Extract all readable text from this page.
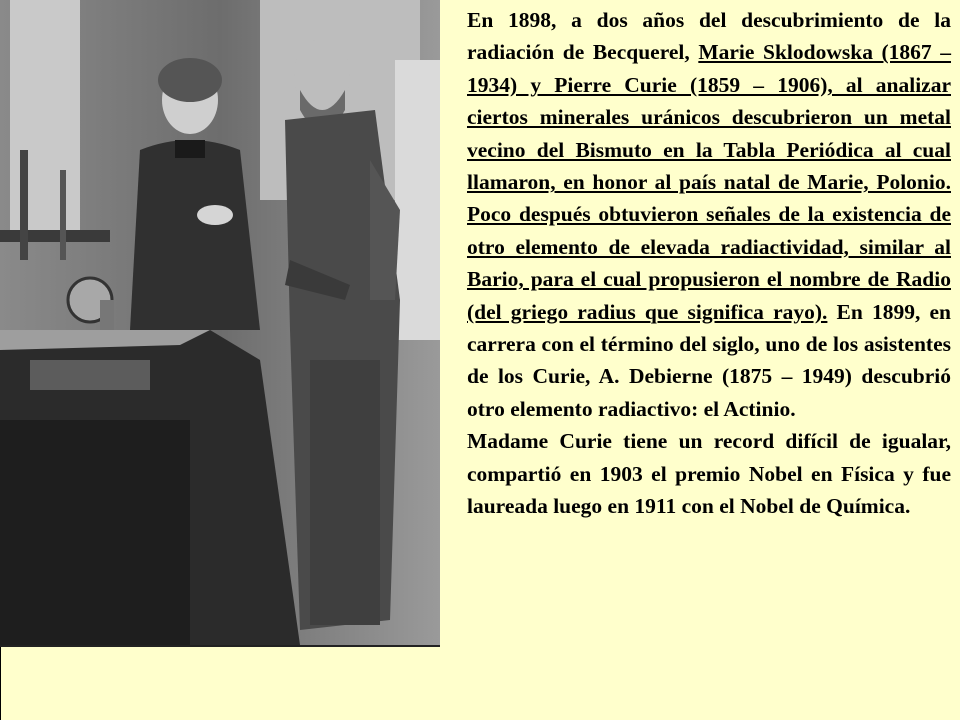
En 1898, a dos años del descubrimiento de la radiación de Becquerel, Marie Sklodowska (1867 – 1934) y Pierre Curie (1859 – 1906), al analizar ciertos minerales uránicos descubrieron un metal vecino del Bismuto en la Tabla Periódica al cual llamaron, en honor al país natal de Marie, Polonio. Poco después obtuvieron señales de la existencia de otro elemento de elevada radiactividad, similar al Bario, para el cual propusieron el nombre de Radio (del griego radius que significa rayo). En 1899, en carrera con el término del siglo, uno de los asistentes de los Curie, A. Debierne (1875 – 1949) descubrió otro elemento radiactivo: el Actinio.

Madame Curie tiene un record difícil de igualar, compartió en 1903 el premio Nobel en Física y fue laureada luego en 1911 con el Nobel de Química.
